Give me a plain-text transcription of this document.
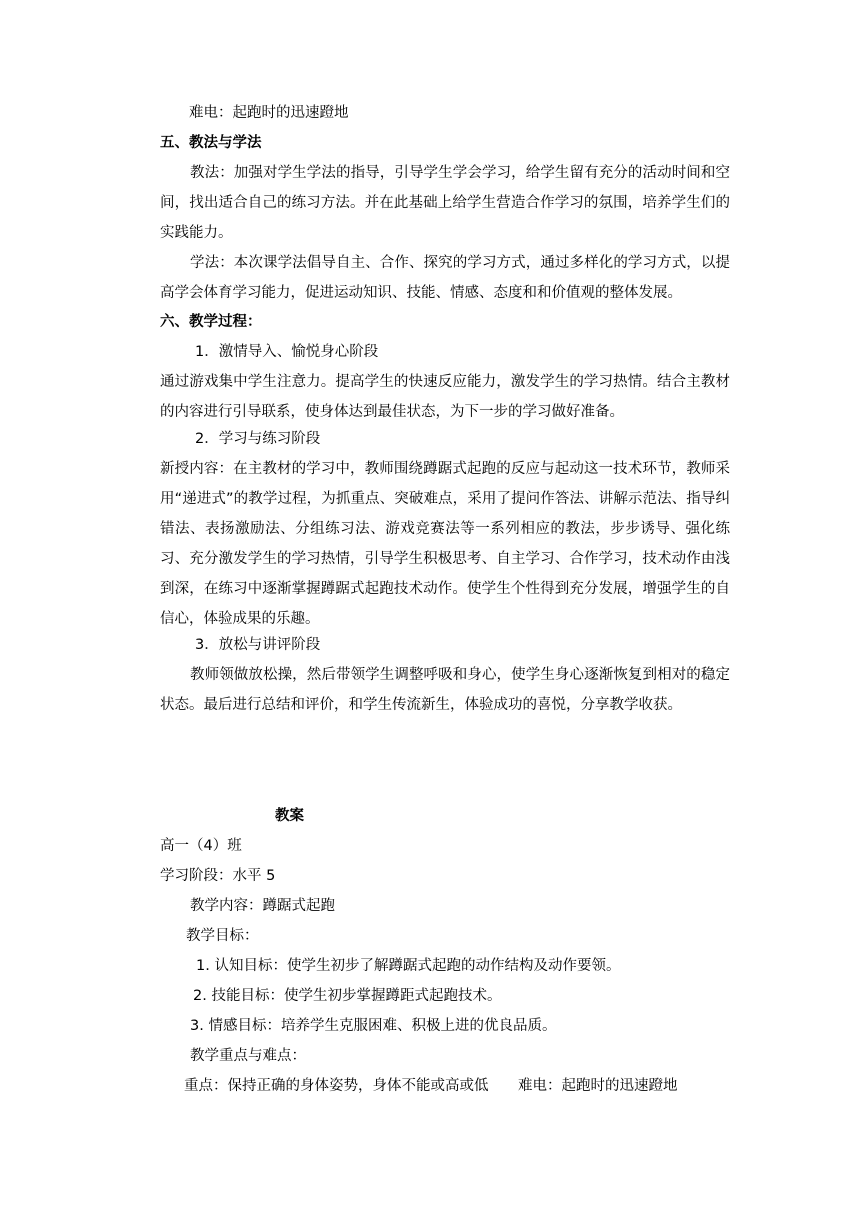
难电：起跑时的迅速蹬地

五、教法与学法

教法：加强对学生学法的指导，引导学生学会学习，给学生留有充分的活动时间和空间，找出适合自己的练习方法。并在此基础上给学生营造合作学习的氛围，培养学生们的实践能力。

学法：本次课学法倡导自主、合作、探究的学习方式，通过多样化的学习方式，以提高学会体育学习能力，促进运动知识、技能、情感、态度和和价值观的整体发展。

六、教学过程：

1．激情导入、愉悦身心阶段

通过游戏集中学生注意力。提高学生的快速反应能力，激发学生的学习热情。结合主教材的内容进行引导联系，使身体达到最佳状态，为下一步的学习做好准备。

2．学习与练习阶段

新授内容：在主教材的学习中，教师围绕蹲踞式起跑的反应与起动这一技术环节，教师采用“递进式”的教学过程，为抓重点、突破难点，采用了提问作答法、讲解示范法、指导纠错法、表扬激励法、分组练习法、游戏竞赛法等一系列相应的教法，步步诱导、强化练习、充分激发学生的学习热情，引导学生积极思考、自主学习、合作学习，技术动作由浅到深，在练习中逐渐掌握蹲踞式起跑技术动作。使学生个性得到充分发展，增强学生的自信心，体验成果的乐趣。

3．放松与讲评阶段

教师领做放松操，然后带领学生调整呼吸和身心，使学生身心逐渐恢复到相对的稳定状态。最后进行总结和评价，和学生传流新生，体验成功的喜悦，分享教学收获。

教案

高一（4）班

学习阶段：水平 5

教学内容：蹲踞式起跑

教学目标：

1. 认知目标：使学生初步了解蹲踞式起跑的动作结构及动作要领。

2. 技能目标：使学生初步掌握蹲距式起跑技术。

3. 情感目标：培养学生克服困难、积极上进的优良品质。

教学重点与难点：

重点：保持正确的身体姿势，身体不能或高或低 难电：起跑时的迅速蹬地
